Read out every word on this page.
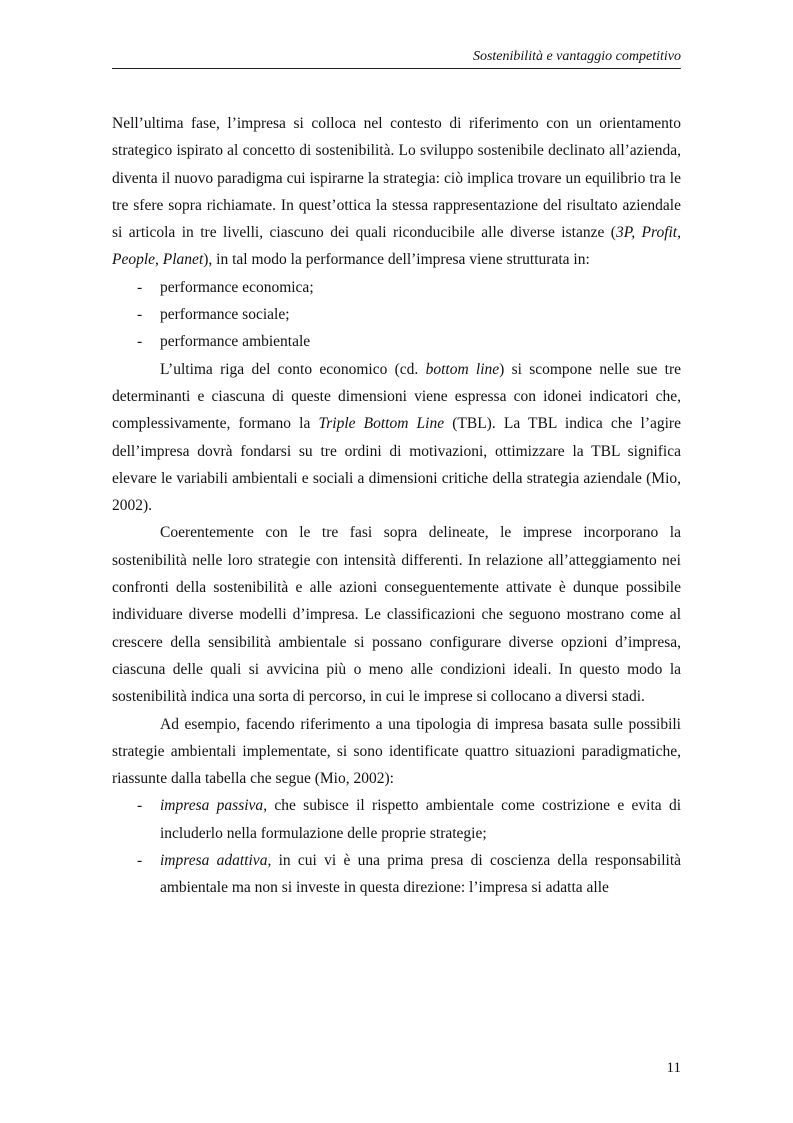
Sostenibilità e vantaggio competitivo

Nell’ultima fase, l’impresa si colloca nel contesto di riferimento con un orientamento strategico ispirato al concetto di sostenibilità. Lo sviluppo sostenibile declinato all’azienda, diventa il nuovo paradigma cui ispirarne la strategia: ciò implica trovare un equilibrio tra le tre sfere sopra richiamate. In quest’ottica la stessa rappresentazione del risultato aziendale si articola in tre livelli, ciascuno dei quali riconducibile alle diverse istanze (3P, Profit, People, Planet), in tal modo la performance dell’impresa viene strutturata in:

- performance economica;
- performance sociale;
- performance ambientale

L’ultima riga del conto economico (cd. bottom line) si scompone nelle sue tre determinanti e ciascuna di queste dimensioni viene espressa con idonei indicatori che, complessivamente, formano la Triple Bottom Line (TBL). La TBL indica che l’agire dell’impresa dovrà fondarsi su tre ordini di motivazioni, ottimizzare la TBL significa elevare le variabili ambientali e sociali a dimensioni critiche della strategia aziendale (Mio, 2002).

Coerentemente con le tre fasi sopra delineate, le imprese incorporano la sostenibilità nelle loro strategie con intensità differenti. In relazione all’atteggiamento nei confronti della sostenibilità e alle azioni conseguentemente attivate è dunque possibile individuare diverse modelli d’impresa. Le classificazioni che seguono mostrano come al crescere della sensibilità ambientale si possano configurare diverse opzioni d’impresa, ciascuna delle quali si avvicina più o meno alle condizioni ideali. In questo modo la sostenibilità indica una sorta di percorso, in cui le imprese si collocano a diversi stadi.

Ad esempio, facendo riferimento a una tipologia di impresa basata sulle possibili strategie ambientali implementate, si sono identificate quattro situazioni paradigmatiche, riassunte dalla tabella che segue (Mio, 2002):

- impresa passiva, che subisce il rispetto ambientale come costrizione e evita di includerlo nella formulazione delle proprie strategie;
- impresa adattiva, in cui vi è una prima presa di coscienza della responsabilità ambientale ma non si investe in questa direzione: l’impresa si adatta alle
11
